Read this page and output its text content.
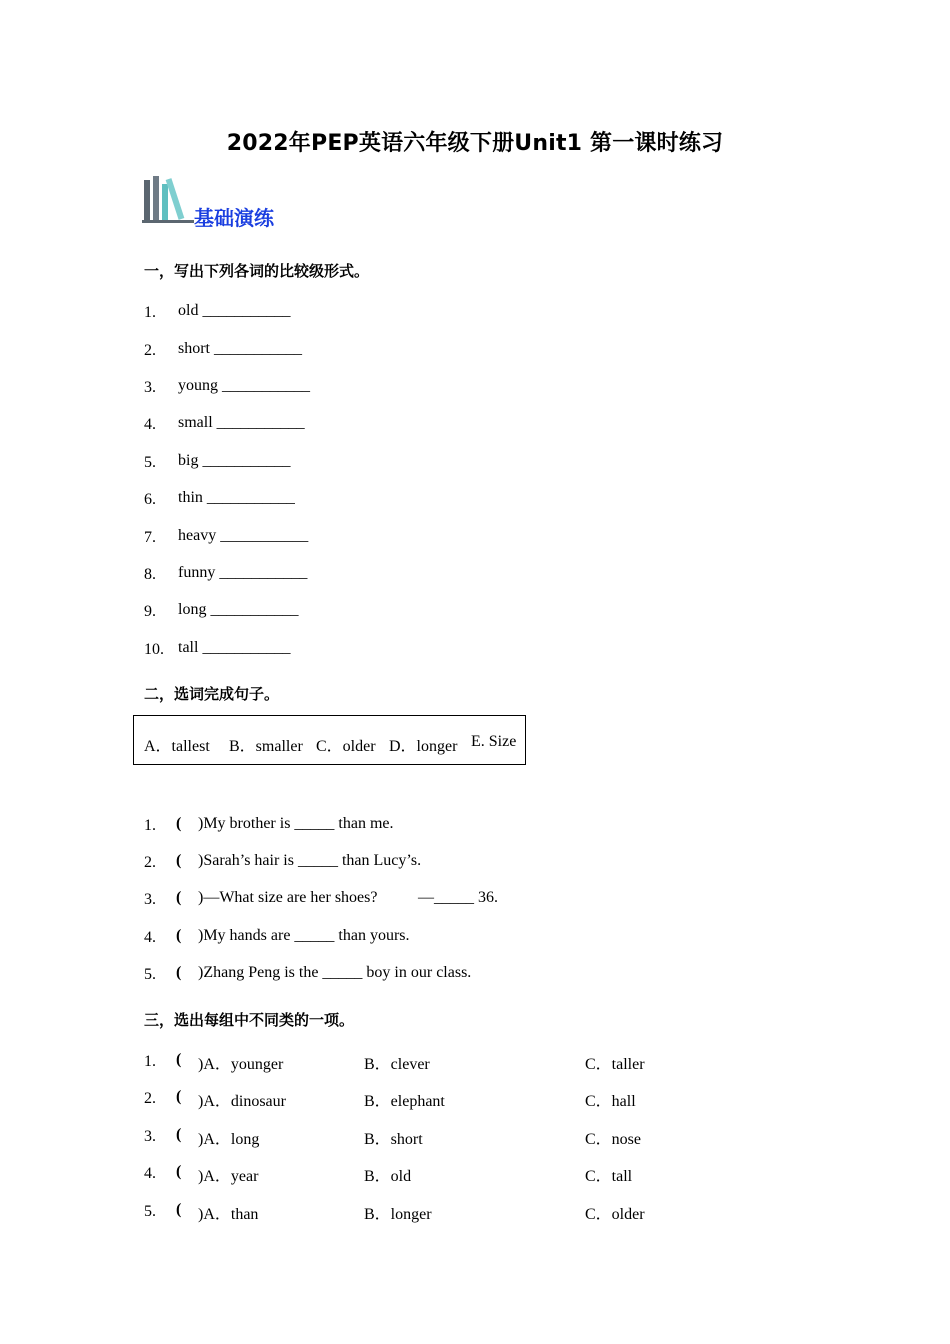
2022年PEP英语六年级下册Unit1 第一课时练习
基础演练
一，写出下列各词的比较级形式。
1. old ___________
2. short ___________
3. young ___________
4. small ___________
5. big ___________
6. thin ___________
7. heavy ___________
8. funny ___________
9. long ___________
10. tall ___________
二，选词完成句子。
A．tallest B．smaller C．older D．longer E. Size
1. ( )My brother is _____ than me.
2. ( )Sarah’s hair is _____ than Lucy’s.
3. ( )—What size are her shoes?	—_____ 36.
4. ( )My hands are _____ than yours.
5. ( )Zhang Peng is the _____ boy in our class.
三，选出每组中不同类的一项。
1. ( )A．younger	B．clever	C．taller
2. ( )A．dinosaur	B．elephant	C．hall
3. ( )A．long	B．short	C．nose
4. ( )A．year	B．old	C．tall
5. ( )A．than	B．longer	C．older
